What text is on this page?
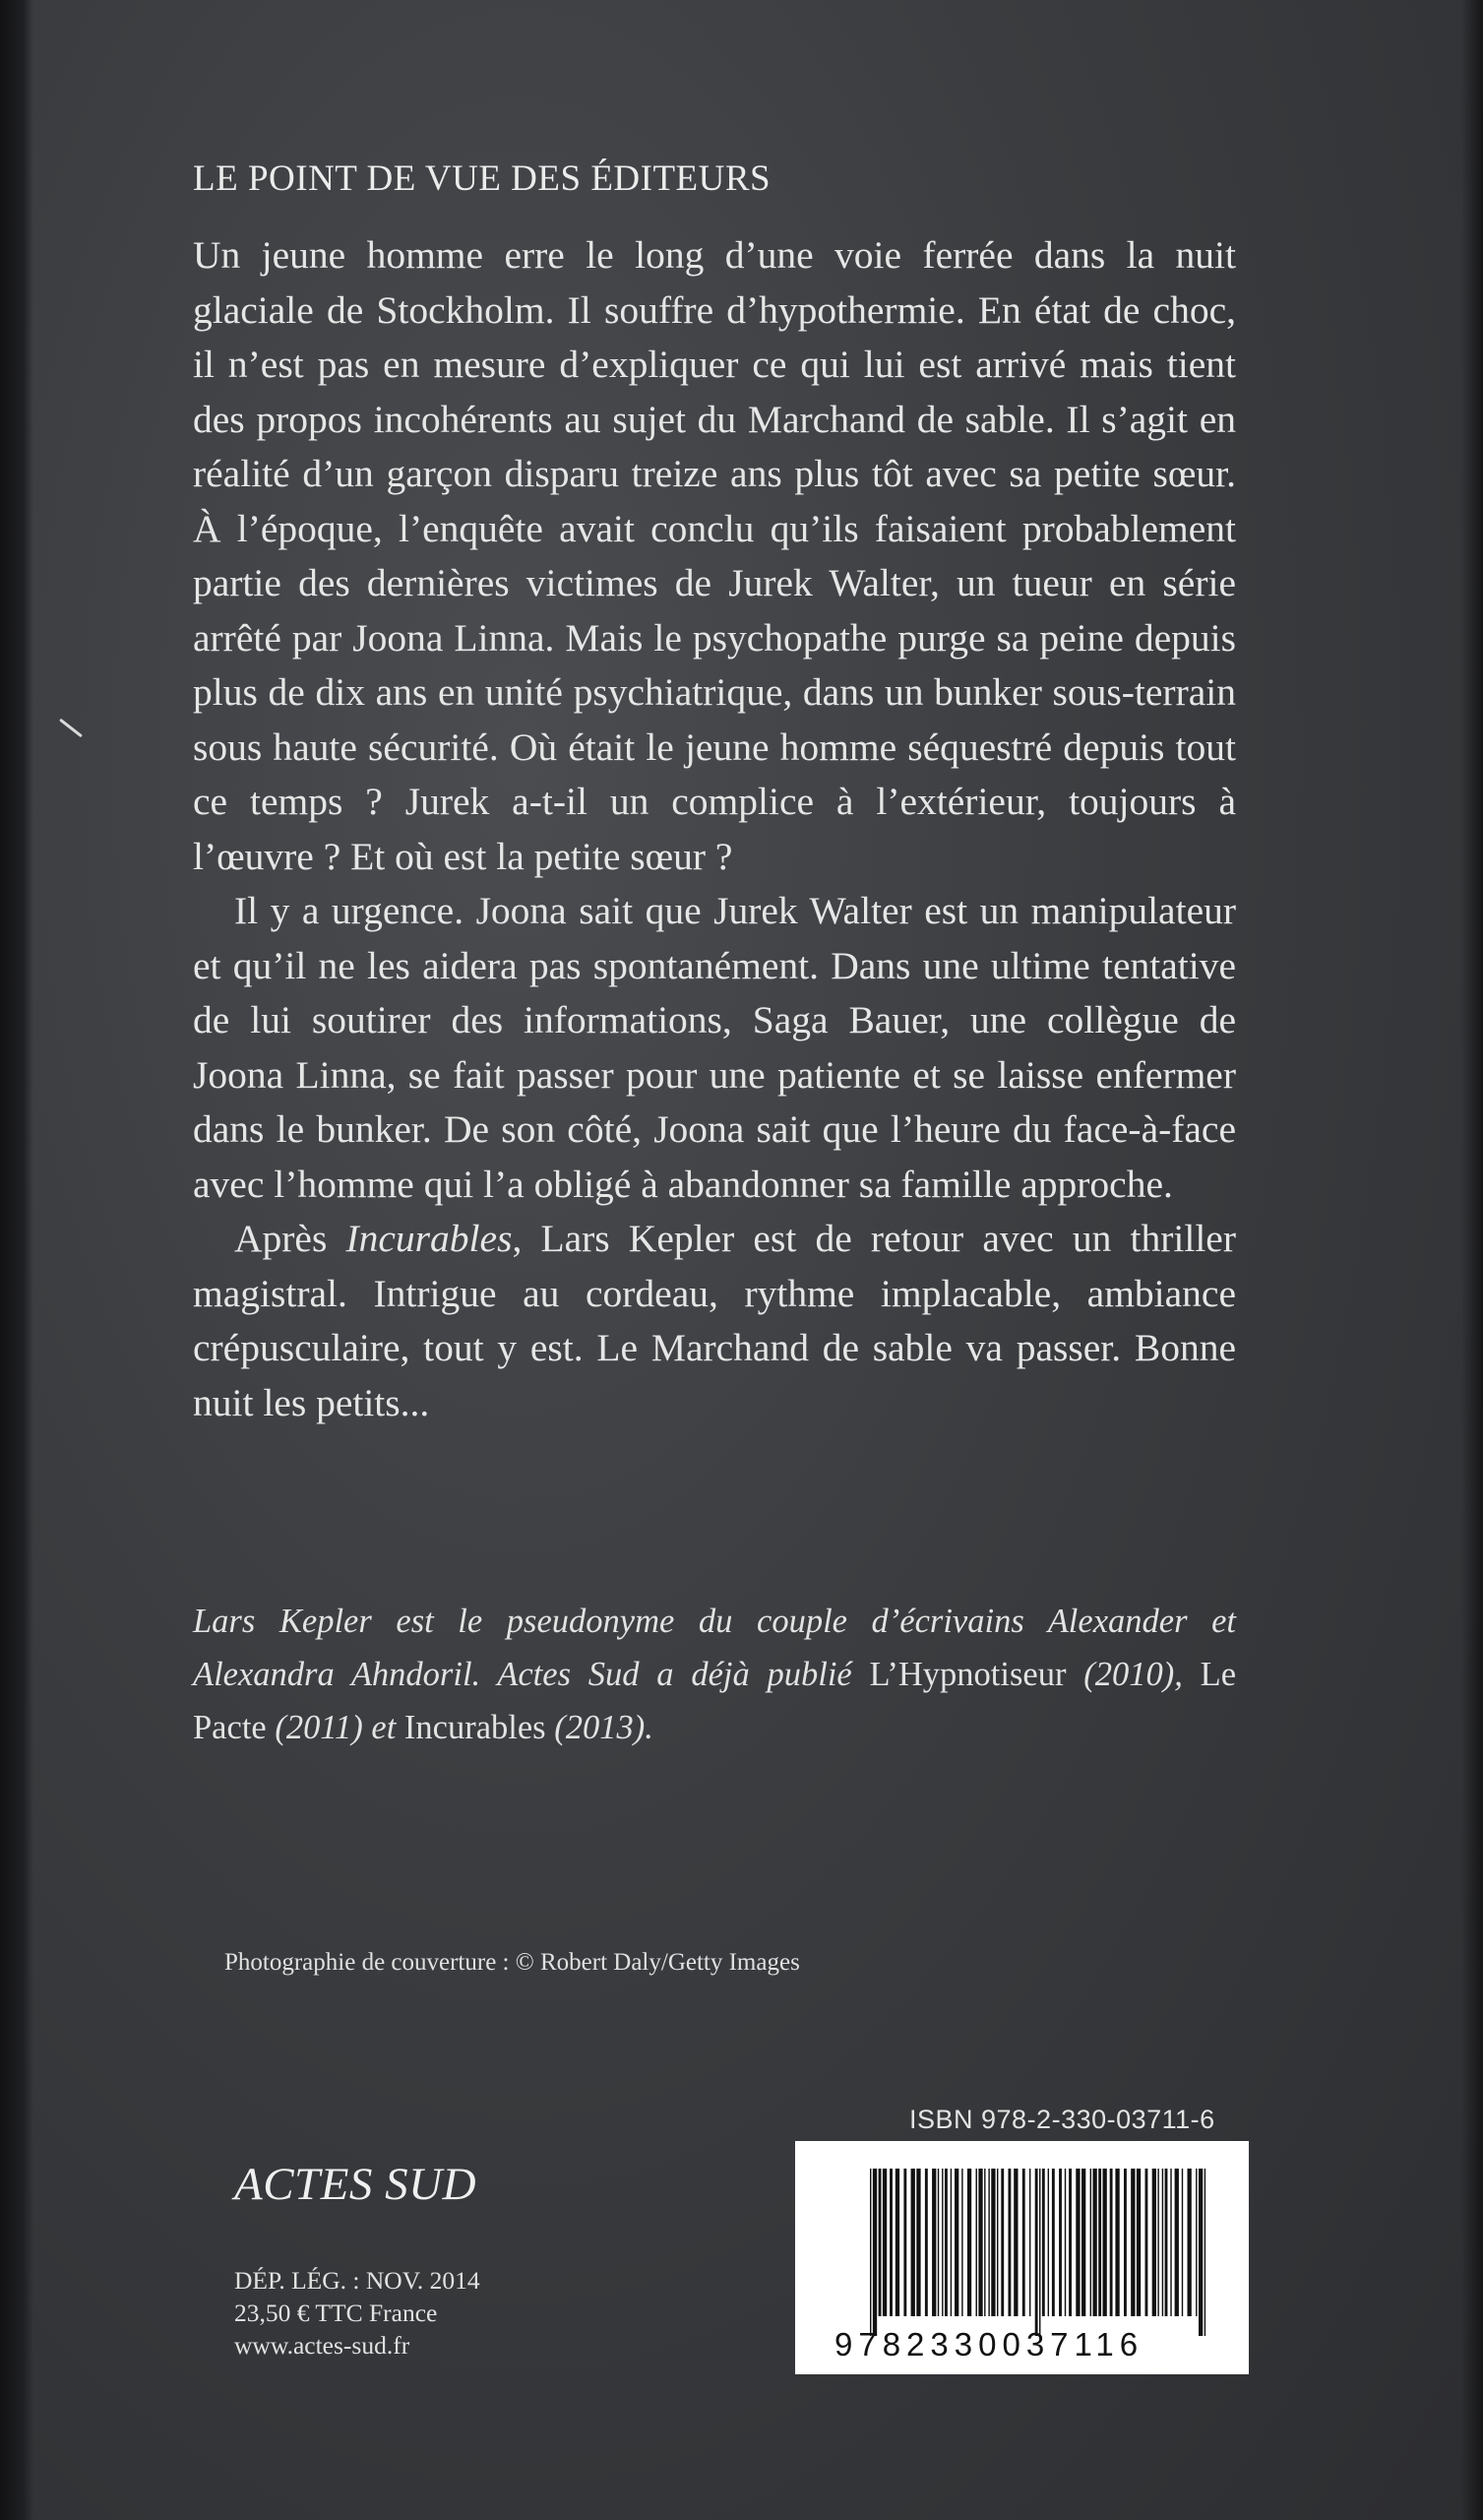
LE POINT DE VUE DES ÉDITEURS

Un jeune homme erre le long d’une voie ferrée dans la nuit glaciale de Stockholm. Il souffre d’hypothermie. En état de choc, il n’est pas en mesure d’expliquer ce qui lui est arrivé mais tient des propos incohérents au sujet du Marchand de sable. Il s’agit en réalité d’un garçon disparu treize ans plus tôt avec sa petite sœur. À l’époque, l’enquête avait conclu qu’ils faisaient probablement partie des dernières victimes de Jurek Walter, un tueur en série arrêté par Joona Linna. Mais le psychopathe purge sa peine depuis plus de dix ans en unité psychiatrique, dans un bunker sous-terrain sous haute sécurité. Où était le jeune homme séquestré depuis tout ce temps ? Jurek a-t-il un complice à l’extérieur, toujours à l’œuvre ? Et où est la petite sœur ?

Il y a urgence. Joona sait que Jurek Walter est un manipulateur et qu’il ne les aidera pas spontanément. Dans une ultime tentative de lui soutirer des informations, Saga Bauer, une collègue de Joona Linna, se fait passer pour une patiente et se laisse enfermer dans le bunker. De son côté, Joona sait que l’heure du face-à-face avec l’homme qui l’a obligé à abandonner sa famille approche.

Après Incurables, Lars Kepler est de retour avec un thriller magistral. Intrigue au cordeau, rythme implacable, ambiance crépusculaire, tout y est. Le Marchand de sable va passer. Bonne nuit les petits...

Lars Kepler est le pseudonyme du couple d’écrivains Alexander et Alexandra Ahndoril. Actes Sud a déjà publié L’Hypnotiseur (2010), Le Pacte (2011) et Incurables (2013).
Photographie de couverture : © Robert Daly/Getty Images
ISBN 978-2-330-03711-6
9782330037116
ACTES SUD
DÉP. LÉG. : NOV. 2014
23,50 € TTC France
www.actes-sud.fr
